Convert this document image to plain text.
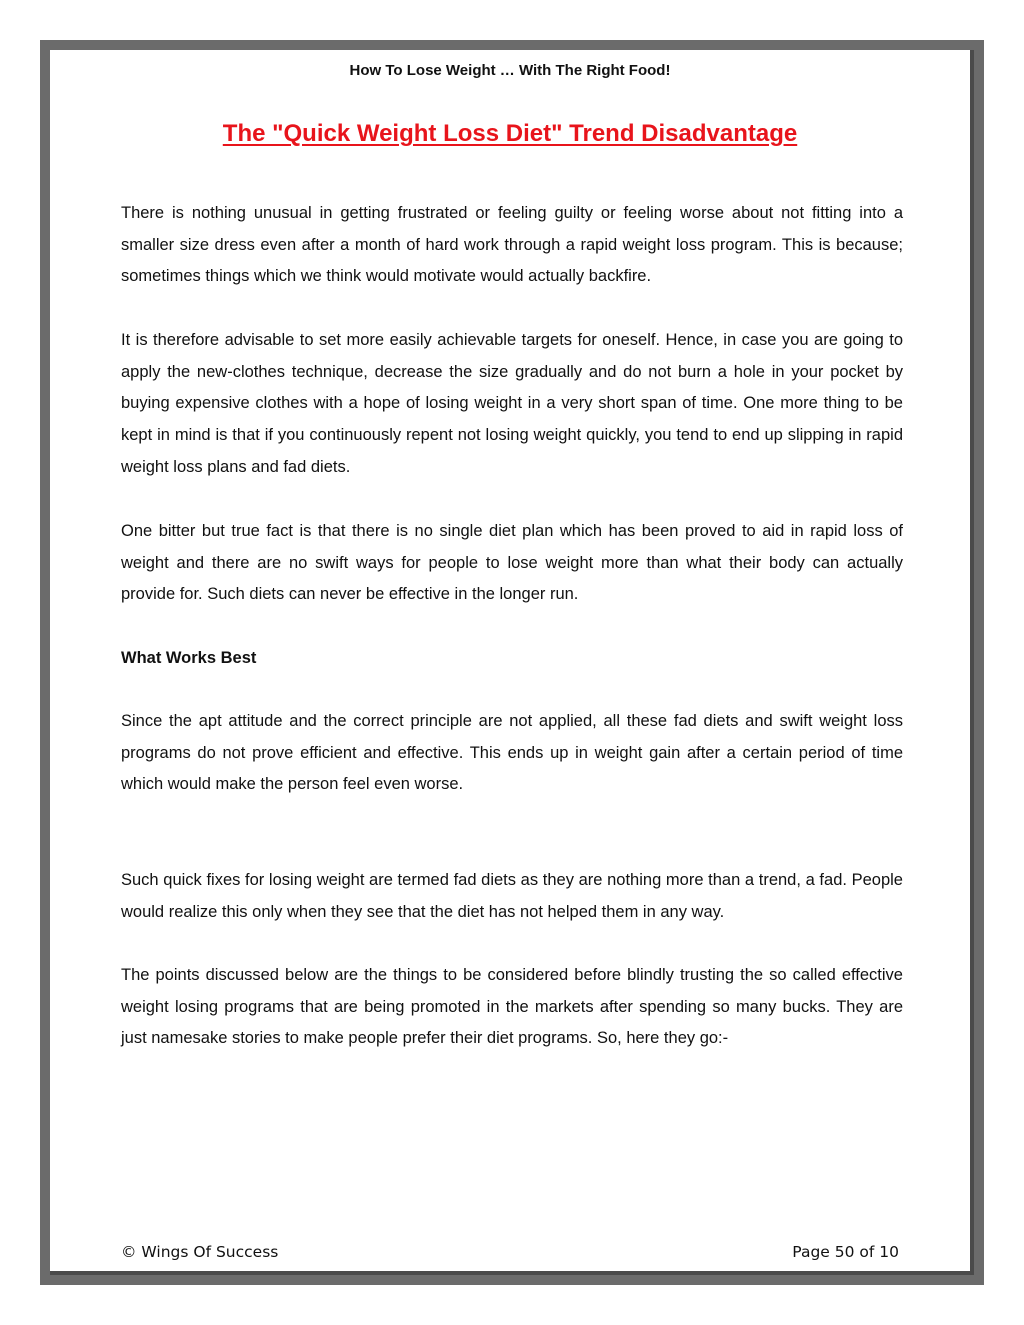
How To Lose Weight … With The Right Food!
The "Quick Weight Loss Diet" Trend Disadvantage

There is nothing unusual in getting frustrated or feeling guilty or feeling worse about not fitting into a smaller size dress even after a month of hard work through a rapid weight loss program. This is because; sometimes things which we think would motivate would actually backfire.

It is therefore advisable to set more easily achievable targets for oneself. Hence, in case you are going to apply the new-clothes technique, decrease the size gradually and do not burn a hole in your pocket by buying expensive clothes with a hope of losing weight in a very short span of time. One more thing to be kept in mind is that if you continuously repent not losing weight quickly, you tend to end up slipping in rapid weight loss plans and fad diets.

One bitter but true fact is that there is no single diet plan which has been proved to aid in rapid loss of weight and there are no swift ways for people to lose weight more than what their body can actually provide for. Such diets can never be effective in the longer run.

What Works Best

Since the apt attitude and the correct principle are not applied, all these fad diets and swift weight loss programs do not prove efficient and effective. This ends up in weight gain after a certain period of time which would make the person feel even worse.

Such quick fixes for losing weight are termed fad diets as they are nothing more than a trend, a fad. People would realize this only when they see that the diet has not helped them in any way.

The points discussed below are the things to be considered before blindly trusting the so called effective weight losing programs that are being promoted in the markets after spending so many bucks. They are just namesake stories to make people prefer their diet programs. So, here they go:-

© Wings Of Success	Page 50 of 10
